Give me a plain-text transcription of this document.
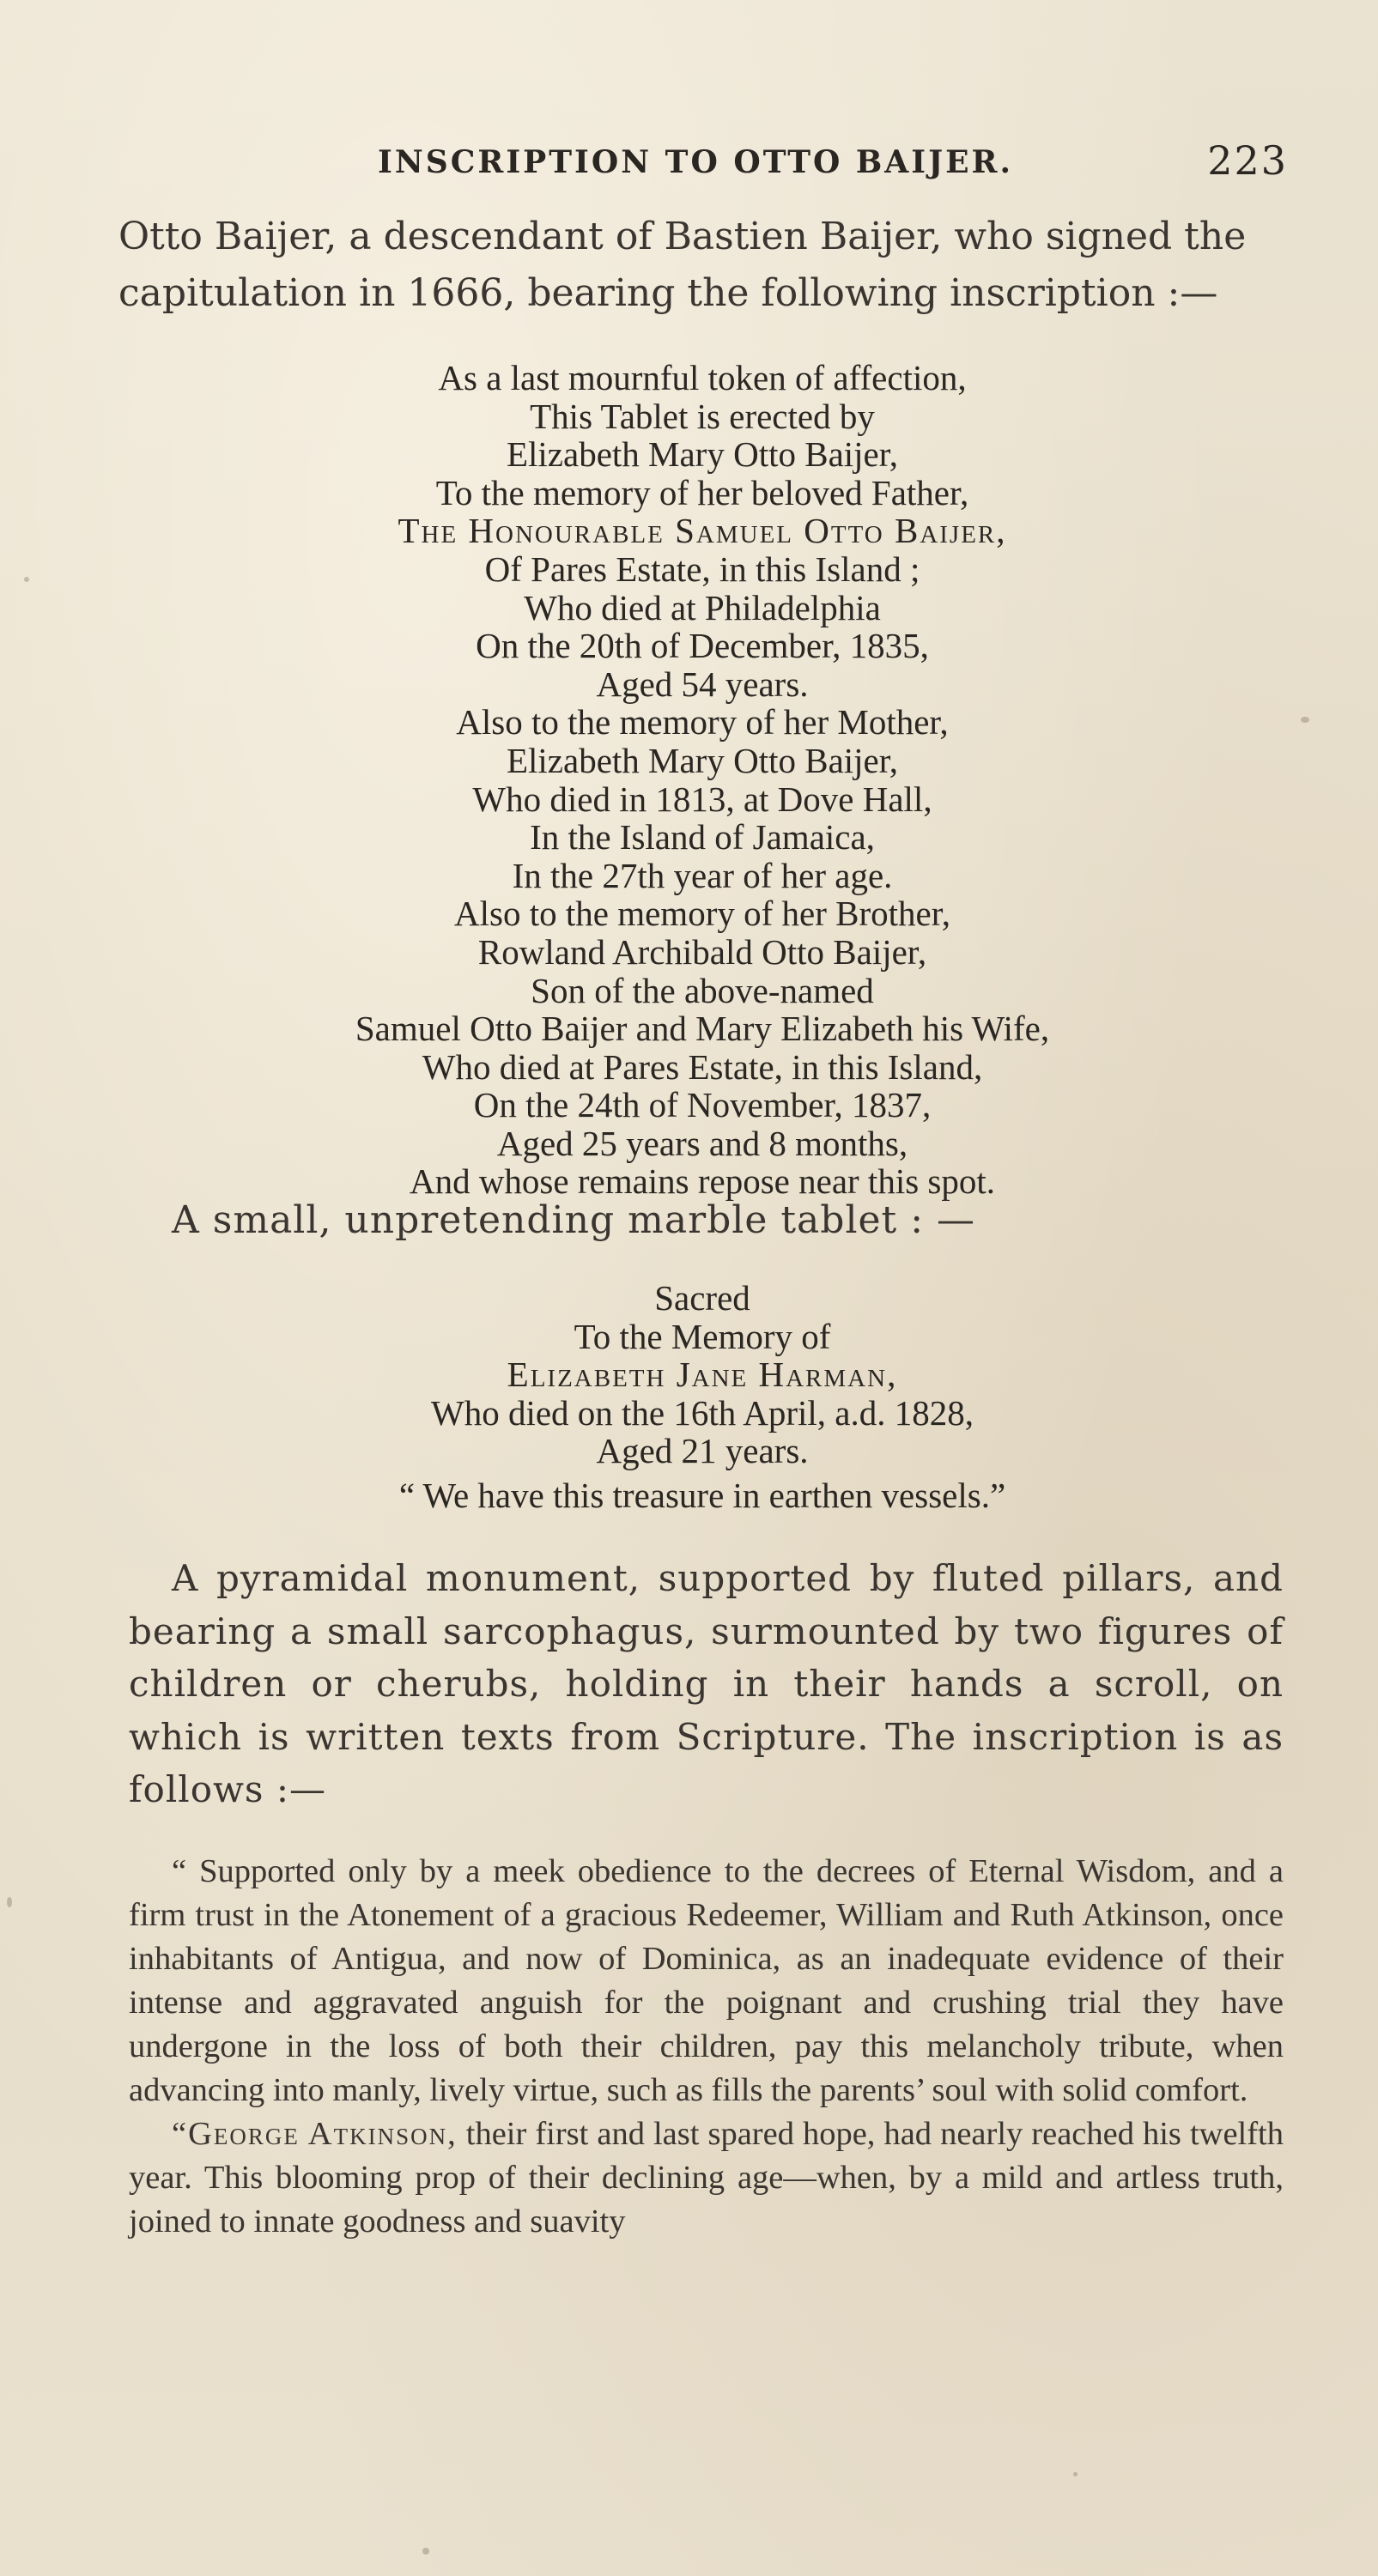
INSCRIPTION TO OTTO BAIJER.	223

Otto Baijer, a descendant of Bastien Baijer, who signed the capitulation in 1666, bearing the following inscription :—

As a last mournful token of affection,
This Tablet is erected by
Elizabeth Mary Otto Baijer,
To the memory of her beloved Father,
The Honourable Samuel Otto Baijer,
Of Pares Estate, in this Island ;
Who died at Philadelphia
On the 20th of December, 1835,
Aged 54 years.
Also to the memory of her Mother,
Elizabeth Mary Otto Baijer,
Who died in 1813, at Dove Hall,
In the Island of Jamaica,
In the 27th year of her age.
Also to the memory of her Brother,
Rowland Archibald Otto Baijer,
Son of the above-named
Samuel Otto Baijer and Mary Elizabeth his Wife,
Who died at Pares Estate, in this Island,
On the 24th of November, 1837,
Aged 25 years and 8 months,
And whose remains repose near this spot.
A small, unpretending marble tablet : —
Sacred
To the Memory of
Elizabeth Jane Harman,
Who died on the 16th April, a.d. 1828,
Aged 21 years.
“ We have this treasure in earthen vessels.”

A pyramidal monument, supported by fluted pillars, and bearing a small sarcophagus, surmounted by two figures of children or cherubs, holding in their hands a scroll, on which is written texts from Scripture. The inscription is as follows :—

“ Supported only by a meek obedience to the decrees of Eternal Wisdom, and a firm trust in the Atonement of a gracious Redeemer, William and Ruth Atkinson, once inhabitants of Antigua, and now of Dominica, as an inadequate evidence of their intense and aggravated anguish for the poignant and crushing trial they have undergone in the loss of both their children, pay this melancholy tribute, when advancing into manly, lively virtue, such as fills the parents’ soul with solid comfort.

“George Atkinson, their first and last spared hope, had nearly reached his twelfth year. This blooming prop of their declining age—when, by a mild and artless truth, joined to innate goodness and suavity
